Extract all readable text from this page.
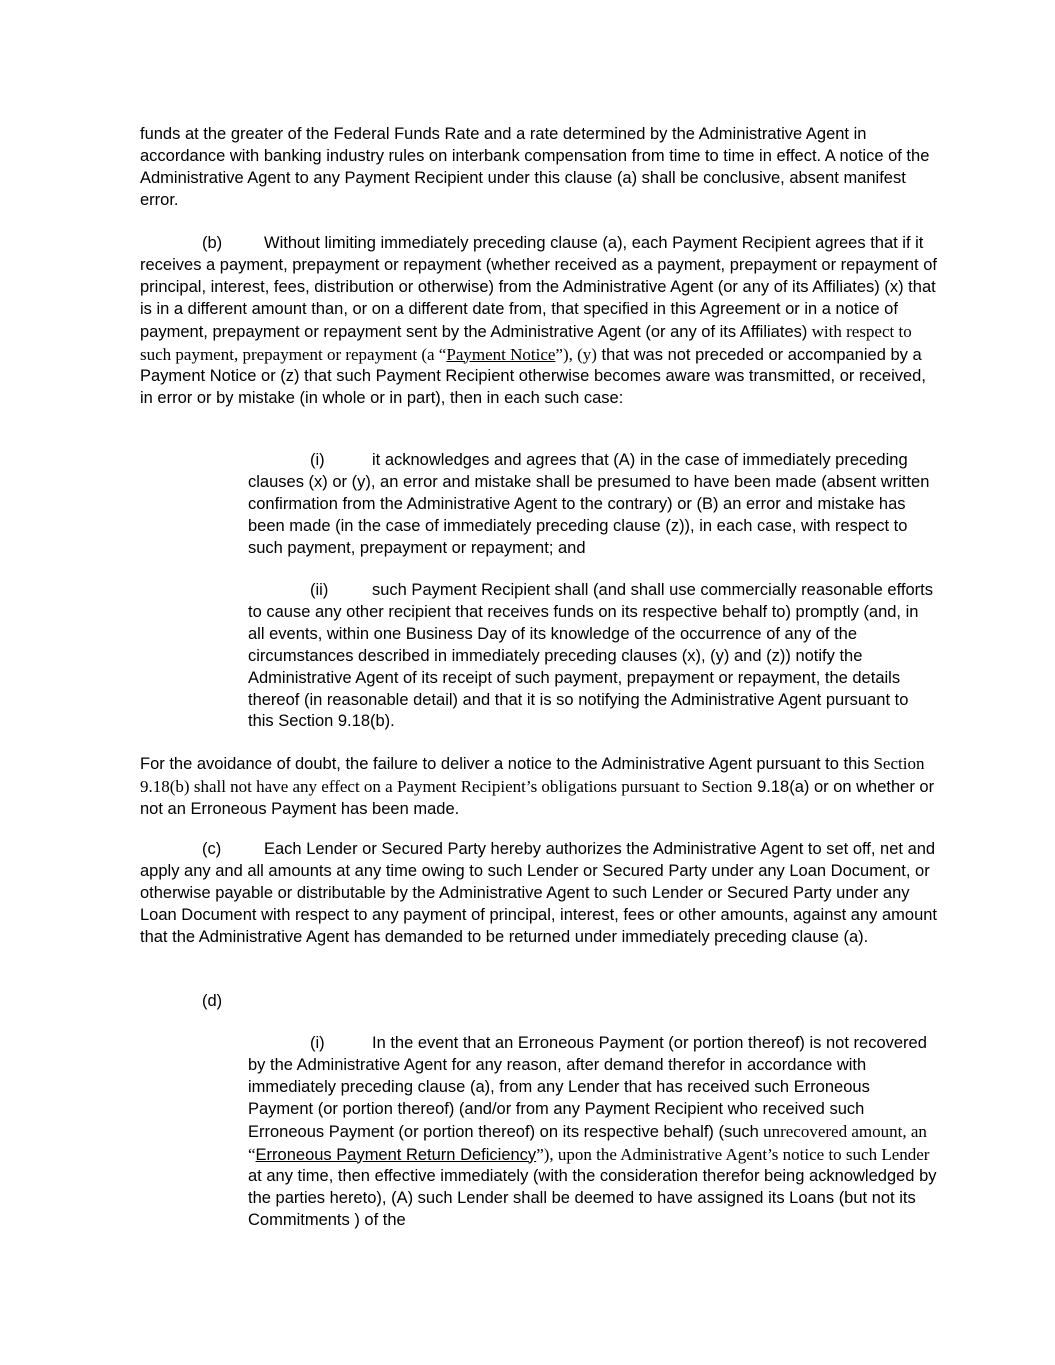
funds at the greater of the Federal Funds Rate and a rate determined by the Administrative Agent in accordance with banking industry rules on interbank compensation from time to time in effect. A notice of the Administrative Agent to any Payment Recipient under this clause (a) shall be conclusive, absent manifest error.

(b)	Without limiting immediately preceding clause (a), each Payment Recipient agrees that if it receives a payment, prepayment or repayment (whether received as a payment, prepayment or repayment of principal, interest, fees, distribution or otherwise) from the Administrative Agent (or any of its Affiliates) (x) that is in a different amount than, or on a different date from, that specified in this Agreement or in a notice of payment, prepayment or repayment sent by the Administrative Agent (or any of its Affiliates) with respect to such payment, prepayment or repayment (a “Payment Notice”), (y) that was not preceded or accompanied by a Payment Notice or (z) that such Payment Recipient otherwise becomes aware was transmitted, or received, in error or by mistake (in whole or in part), then in each such case:

(i)	it acknowledges and agrees that (A) in the case of immediately preceding clauses (x) or (y), an error and mistake shall be presumed to have been made (absent written confirmation from the Administrative Agent to the contrary) or (B) an error and mistake has been made (in the case of immediately preceding clause (z)), in each case, with respect to such payment, prepayment or repayment; and

(ii)	such Payment Recipient shall (and shall use commercially reasonable efforts to cause any other recipient that receives funds on its respective behalf to) promptly (and, in all events, within one Business Day of its knowledge of the occurrence of any of the circumstances described in immediately preceding clauses (x), (y) and (z)) notify the Administrative Agent of its receipt of such payment, prepayment or repayment, the details thereof (in reasonable detail) and that it is so notifying the Administrative Agent pursuant to this Section 9.18(b).

For the avoidance of doubt, the failure to deliver a notice to the Administrative Agent pursuant to this Section 9.18(b) shall not have any effect on a Payment Recipient’s obligations pursuant to Section 9.18(a) or on whether or not an Erroneous Payment has been made.

(c)	Each Lender or Secured Party hereby authorizes the Administrative Agent to set off, net and apply any and all amounts at any time owing to such Lender or Secured Party under any Loan Document, or otherwise payable or distributable by the Administrative Agent to such Lender or Secured Party under any Loan Document with respect to any payment of principal, interest, fees or other amounts, against any amount that the Administrative Agent has demanded to be returned under immediately preceding clause (a).

(d)

(i)	In the event that an Erroneous Payment (or portion thereof) is not recovered by the Administrative Agent for any reason, after demand therefor in accordance with immediately preceding clause (a), from any Lender that has received such Erroneous Payment (or portion thereof) (and/or from any Payment Recipient who received such Erroneous Payment (or portion thereof) on its respective behalf) (such unrecovered amount, an “Erroneous Payment Return Deficiency”), upon the Administrative Agent’s notice to such Lender at any time, then effective immediately (with the consideration therefor being acknowledged by the parties hereto), (A) such Lender shall be deemed to have assigned its Loans (but not its Commitments ) of the
